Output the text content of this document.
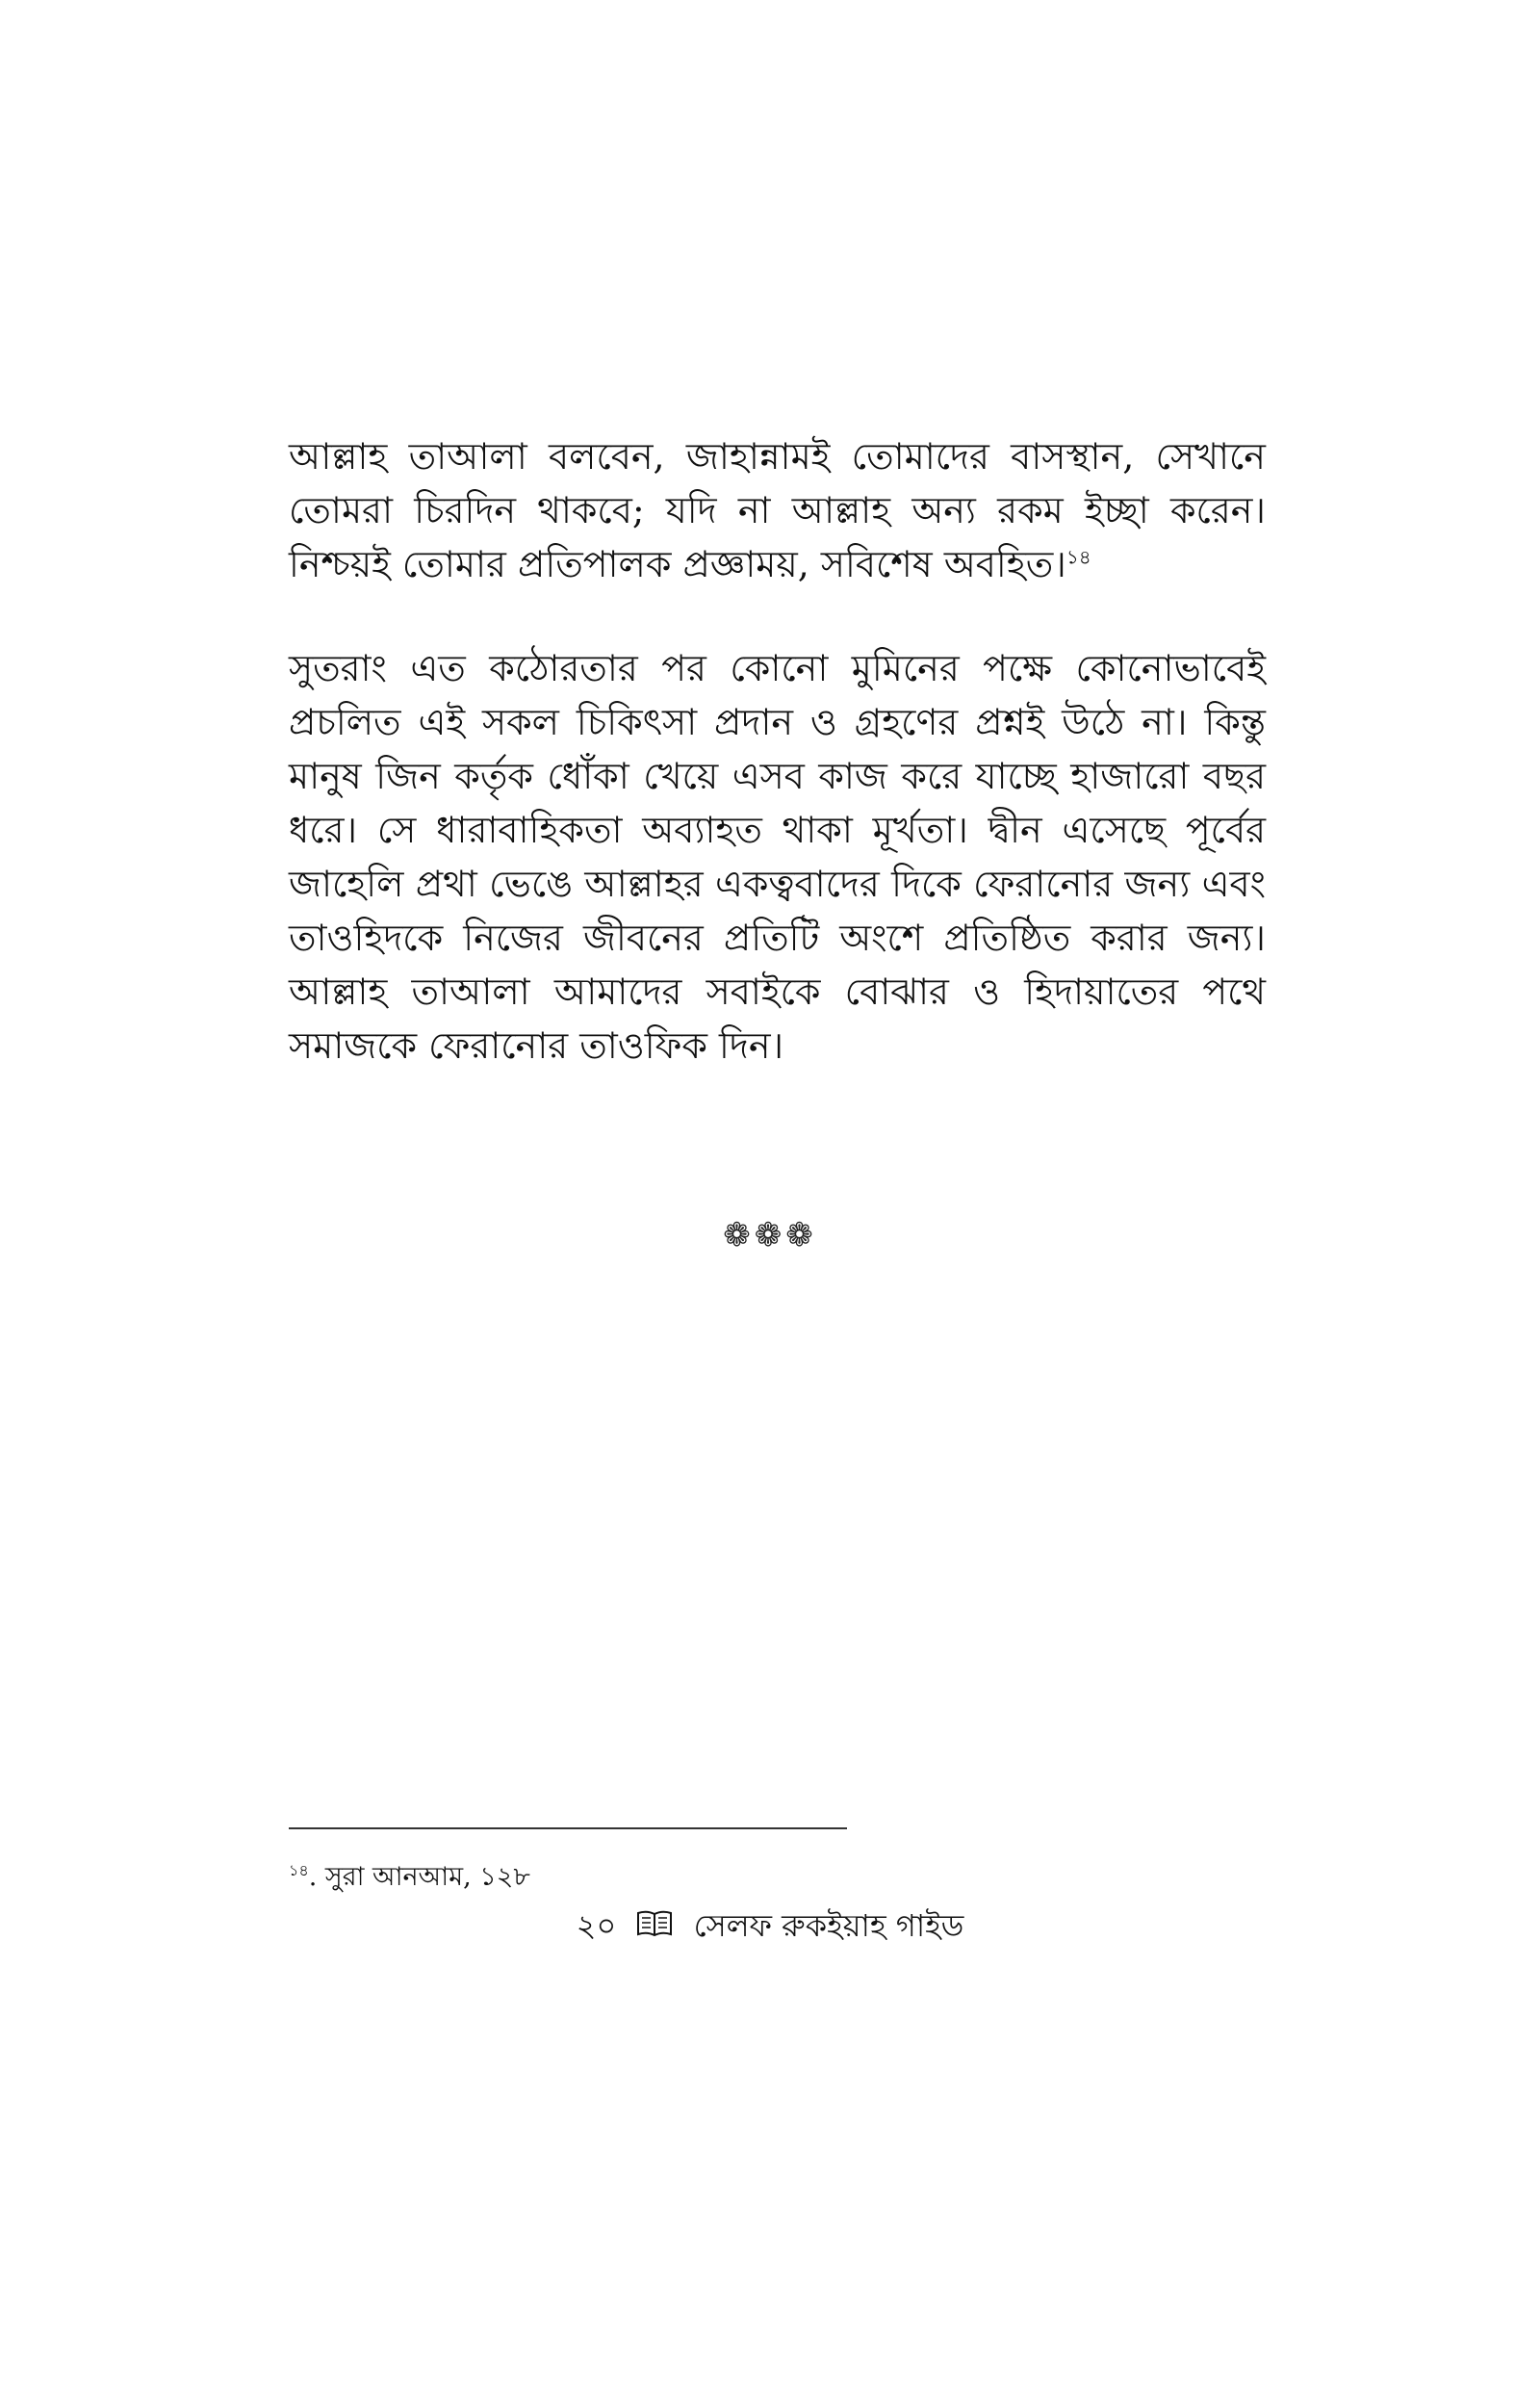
আল্লাহ তাআলা বলবেন, জাহান্নামই তোমাদের বাসস্থান, সেখানে তোমরা চিরদিন থাকবে; যদি না আল্লাহ অন্য রকম ইচ্ছা করেন। নিশ্চয়ই তোমার প্রতিপালক প্রজ্ঞাময়, সবিশেষ অবহিত।$^{১৪}$

সুতরাং এত কঠোরতার পর কোনো মুমিনের পক্ষে কোনোভাবেই প্রচলিত এই সকল চিকিৎসা প্রদান ও গ্রহণের প্রশ্নই উঠে না। কিন্তু মানুষ জিন কর্তৃক ধোঁকা খেয়ে এসব কাজ করে যাচ্ছে হাজারো বছর ধরে। সে ধারাবাহিকতা অব্যাহত থাকা মূর্খতা। দ্বীন এসেছে পূর্বের জাহেলি প্রথা ভেঙে আল্লাহর একত্ববাদের দিকে ফেরানোর জন্য এবং তাওহিদকে নিজের জীবনের প্রতিটি অংশে প্রতিষ্ঠিত করার জন্য। আল্লাহ তাআলা আমাদের সবাইকে বোঝার ও হিদায়াতের পথে সমাজকে ফেরানোর তাওফিক দিন।

❁❁❁

$^{১৪}$. সুরা আনআম, ১২৮

২০	সেলফ রুকইয়াহ গাইড
